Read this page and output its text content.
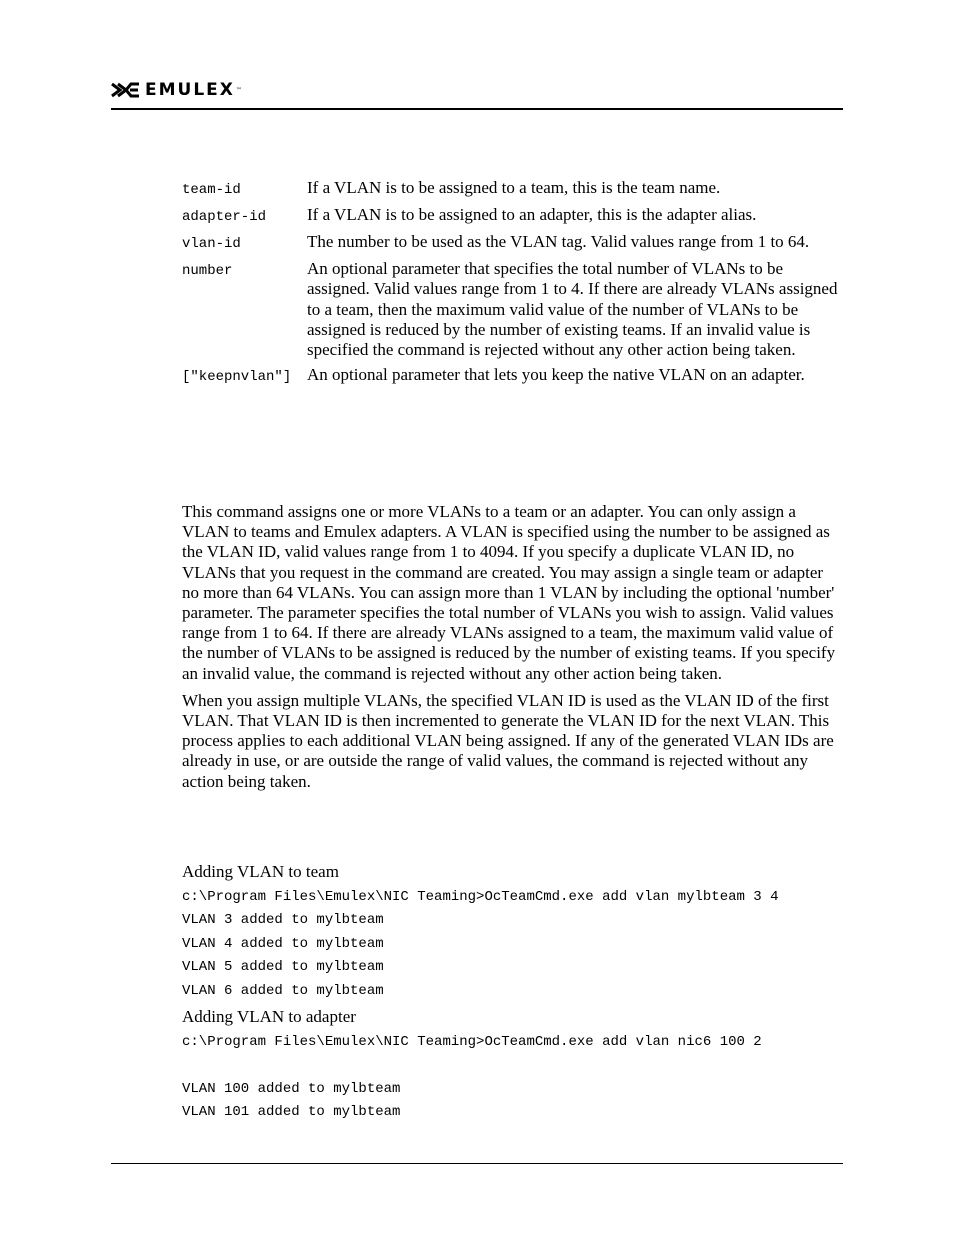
EMULEX ™
team-id	If a VLAN is to be assigned to a team, this is the team name.
adapter-id	If a VLAN is to be assigned to an adapter, this is the adapter alias.
vlan-id	The number to be used as the VLAN tag. Valid values range from 1 to 64.
number	An optional parameter that specifies the total number of VLANs to be assigned. Valid values range from 1 to 4. If there are already VLANs assigned to a team, then the maximum valid value of the number of VLANs to be assigned is reduced by the number of existing teams. If an invalid value is specified the command is rejected without any other action being taken.
["keepnvlan"] An optional parameter that lets you keep the native VLAN on an adapter.

This command assigns one or more VLANs to a team or an adapter. You can only assign a VLAN to teams and Emulex adapters. A VLAN is specified using the number to be assigned as the VLAN ID, valid values range from 1 to 4094. If you specify a duplicate VLAN ID, no VLANs that you request in the command are created. You may assign a single team or adapter no more than 64 VLANs. You can assign more than 1 VLAN by including the optional 'number' parameter. The parameter specifies the total number of VLANs you wish to assign. Valid values range from 1 to 64. If there are already VLANs assigned to a team, the maximum valid value of the number of VLANs to be assigned is reduced by the number of existing teams. If you specify an invalid value, the command is rejected without any other action being taken.

When you assign multiple VLANs, the specified VLAN ID is used as the VLAN ID of the first VLAN. That VLAN ID is then incremented to generate the VLAN ID for the next VLAN. This process applies to each additional VLAN being assigned. If any of the generated VLAN IDs are already in use, or are outside the range of valid values, the command is rejected without any action being taken.

Adding VLAN to team

c:\Program Files\Emulex\NIC Teaming>OcTeamCmd.exe add vlan mylbteam 3 4
VLAN 3 added to mylbteam
VLAN 4 added to mylbteam
VLAN 5 added to mylbteam
VLAN 6 added to mylbteam

Adding VLAN to adapter

c:\Program Files\Emulex\NIC Teaming>OcTeamCmd.exe add vlan nic6 100 2

VLAN 100 added to mylbteam
VLAN 101 added to mylbteam
